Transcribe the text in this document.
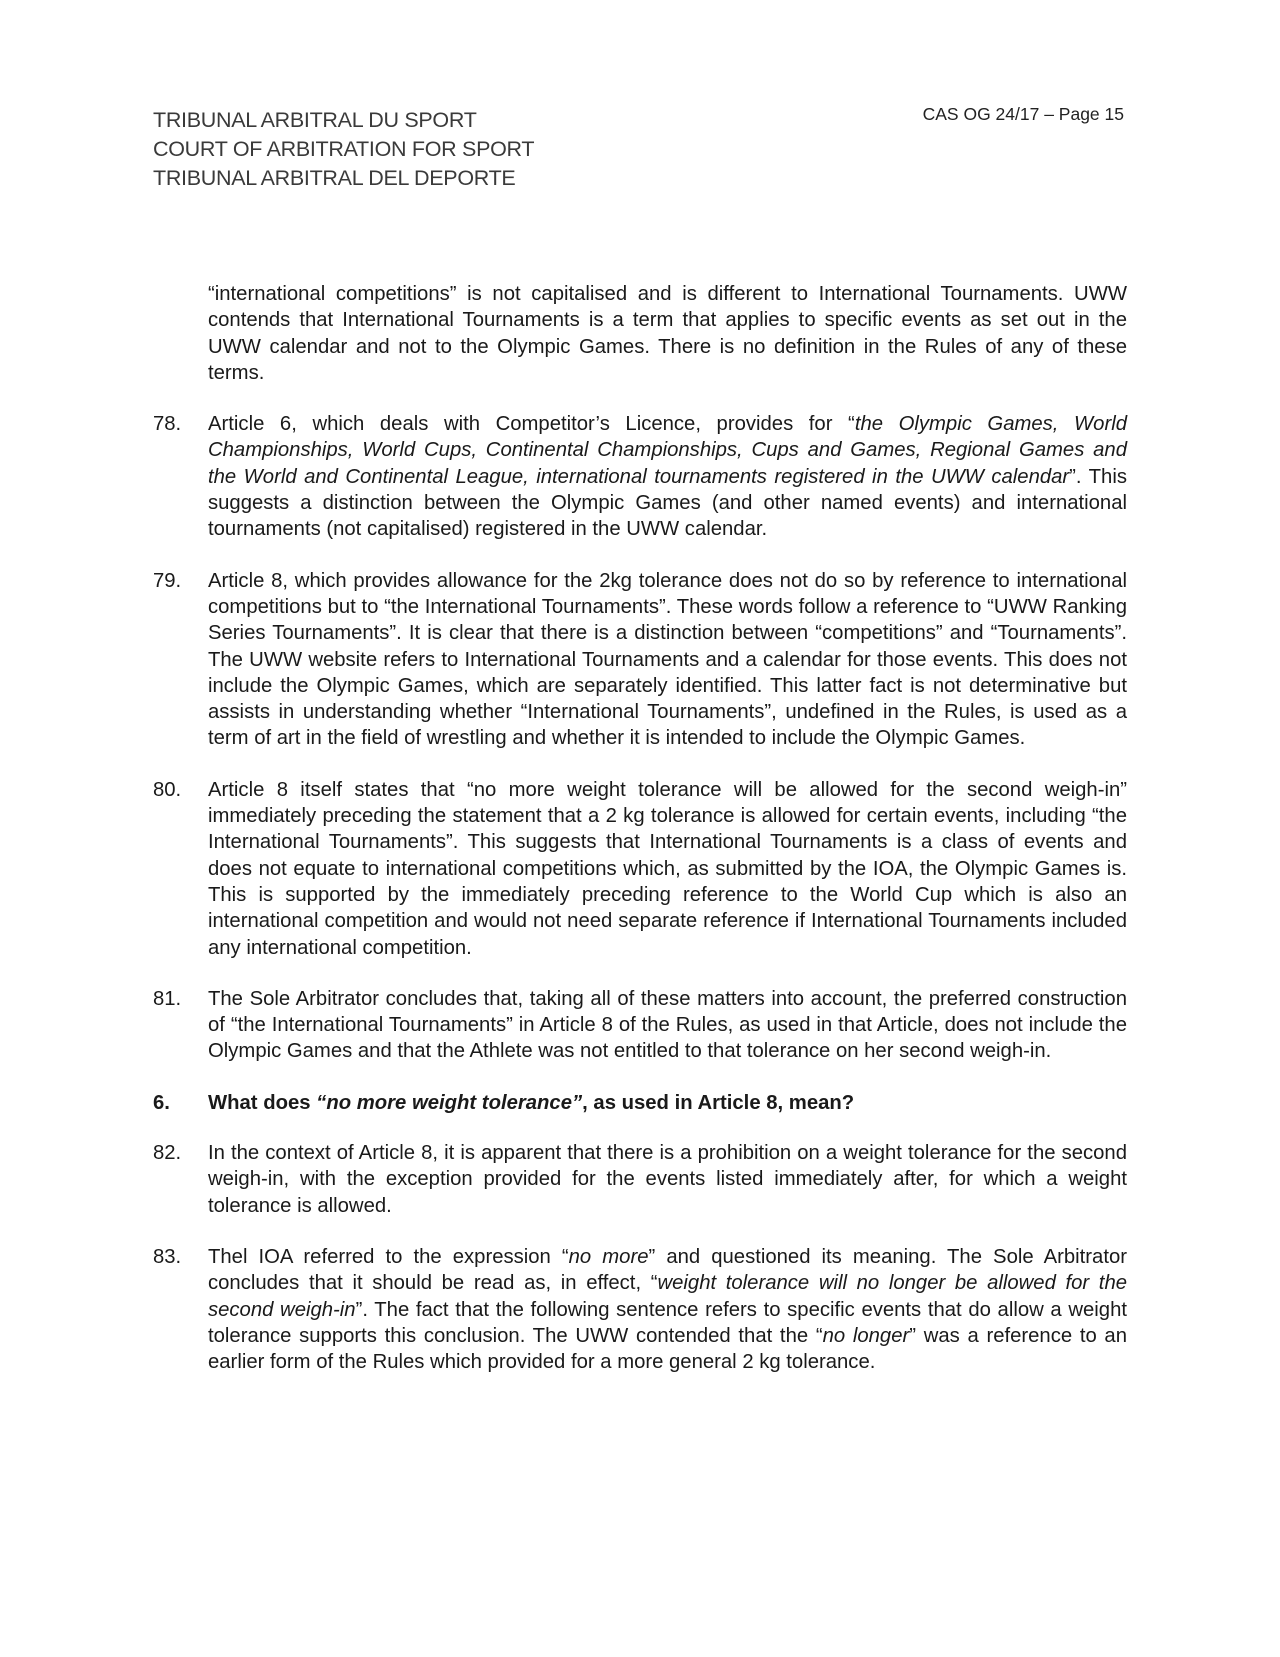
TRIBUNAL ARBITRAL DU SPORT
COURT OF ARBITRATION FOR SPORT
TRIBUNAL ARBITRAL DEL DEPORTE
CAS OG 24/17 – Page 15
“international competitions” is not capitalised and is different to International Tournaments. UWW contends that International Tournaments is a term that applies to specific events as set out in the UWW calendar and not to the Olympic Games. There is no definition in the Rules of any of these terms.
78. Article 6, which deals with Competitor’s Licence, provides for “the Olympic Games, World Championships, World Cups, Continental Championships, Cups and Games, Regional Games and the World and Continental League, international tournaments registered in the UWW calendar”. This suggests a distinction between the Olympic Games (and other named events) and international tournaments (not capitalised) registered in the UWW calendar.
79. Article 8, which provides allowance for the 2kg tolerance does not do so by reference to international competitions but to “the International Tournaments”. These words follow a reference to “UWW Ranking Series Tournaments”. It is clear that there is a distinction between “competitions” and “Tournaments”. The UWW website refers to International Tournaments and a calendar for those events. This does not include the Olympic Games, which are separately identified. This latter fact is not determinative but assists in understanding whether “International Tournaments”, undefined in the Rules, is used as a term of art in the field of wrestling and whether it is intended to include the Olympic Games.
80. Article 8 itself states that “no more weight tolerance will be allowed for the second weigh-in” immediately preceding the statement that a 2 kg tolerance is allowed for certain events, including “the International Tournaments”. This suggests that International Tournaments is a class of events and does not equate to international competitions which, as submitted by the IOA, the Olympic Games is. This is supported by the immediately preceding reference to the World Cup which is also an international competition and would not need separate reference if International Tournaments included any international competition.
81. The Sole Arbitrator concludes that, taking all of these matters into account, the preferred construction of “the International Tournaments” in Article 8 of the Rules, as used in that Article, does not include the Olympic Games and that the Athlete was not entitled to that tolerance on her second weigh-in.
6. What does “no more weight tolerance”, as used in Article 8, mean?
82. In the context of Article 8, it is apparent that there is a prohibition on a weight tolerance for the second weigh-in, with the exception provided for the events listed immediately after, for which a weight tolerance is allowed.
83. Thel IOA referred to the expression “no more” and questioned its meaning. The Sole Arbitrator concludes that it should be read as, in effect, “weight tolerance will no longer be allowed for the second weigh-in”. The fact that the following sentence refers to specific events that do allow a weight tolerance supports this conclusion. The UWW contended that the “no longer” was a reference to an earlier form of the Rules which provided for a more general 2 kg tolerance.
